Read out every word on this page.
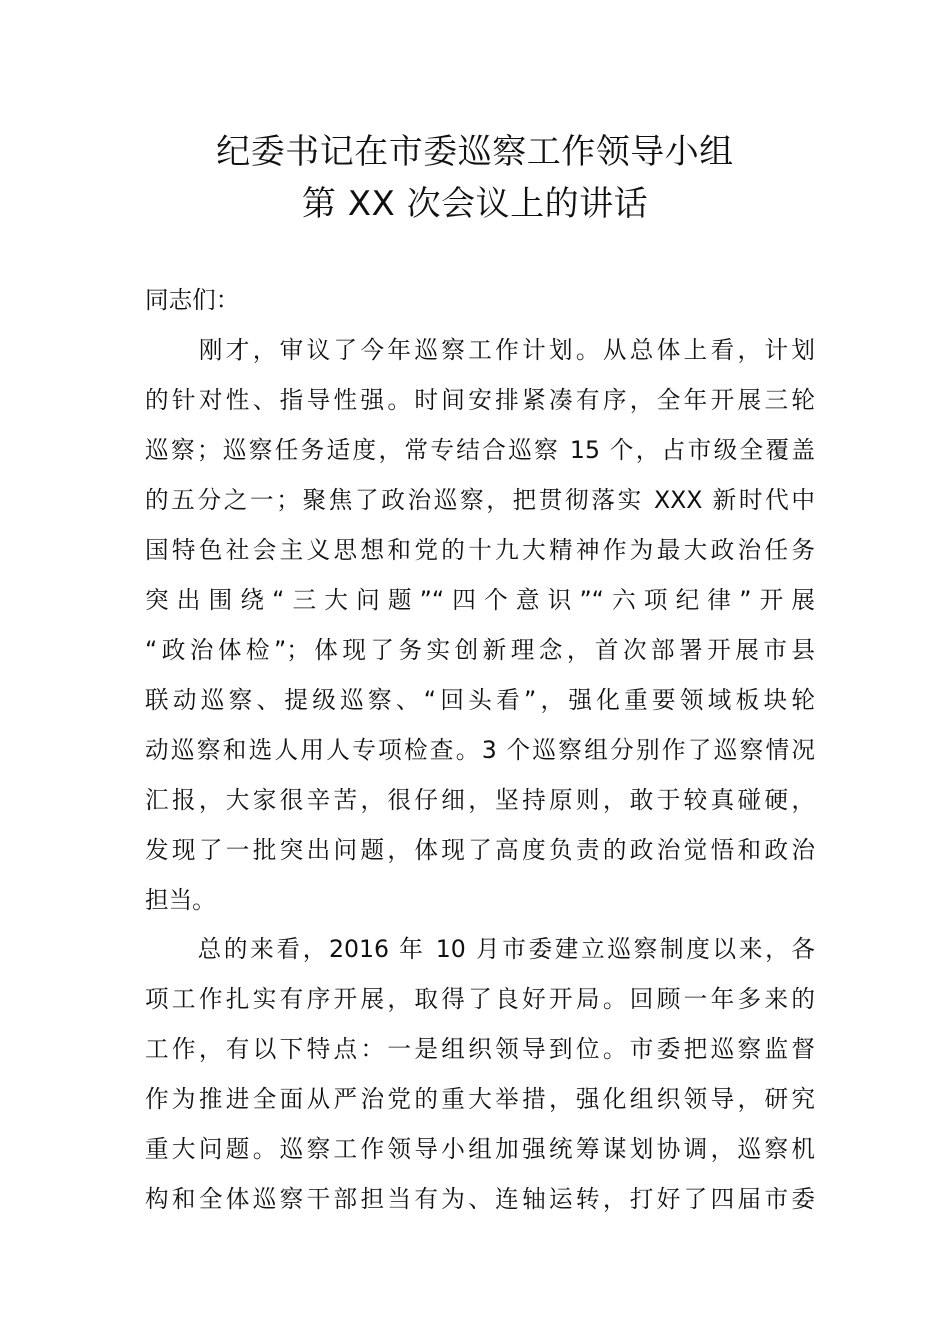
纪委书记在市委巡察工作领导小组
第 XX 次会议上的讲话
同志们：
　　刚才，审议了今年巡察工作计划。从总体上看，计划
的针对性、指导性强。时间安排紧凑有序，全年开展三轮
巡察；巡察任务适度，常专结合巡察 15 个，占市级全覆盖
的五分之一；聚焦了政治巡察，把贯彻落实 XXX 新时代中
国特色社会主义思想和党的十九大精神作为最大政治任务
突出围绕“三大问题”“四个意识”“六项纪律”开展
“政治体检”；体现了务实创新理念，首次部署开展市县
联动巡察、提级巡察、“回头看”，强化重要领域板块轮
动巡察和选人用人专项检查。3 个巡察组分别作了巡察情况
汇报，大家很辛苦，很仔细，坚持原则，敢于较真碰硬，
发现了一批突出问题，体现了高度负责的政治觉悟和政治
担当。
　　总的来看，2016 年 10 月市委建立巡察制度以来，各
项工作扎实有序开展，取得了良好开局。回顾一年多来的
工作，有以下特点：一是组织领导到位。市委把巡察监督
作为推进全面从严治党的重大举措，强化组织领导，研究
重大问题。巡察工作领导小组加强统筹谋划协调，巡察机
构和全体巡察干部担当有为、连轴运转，打好了四届市委
